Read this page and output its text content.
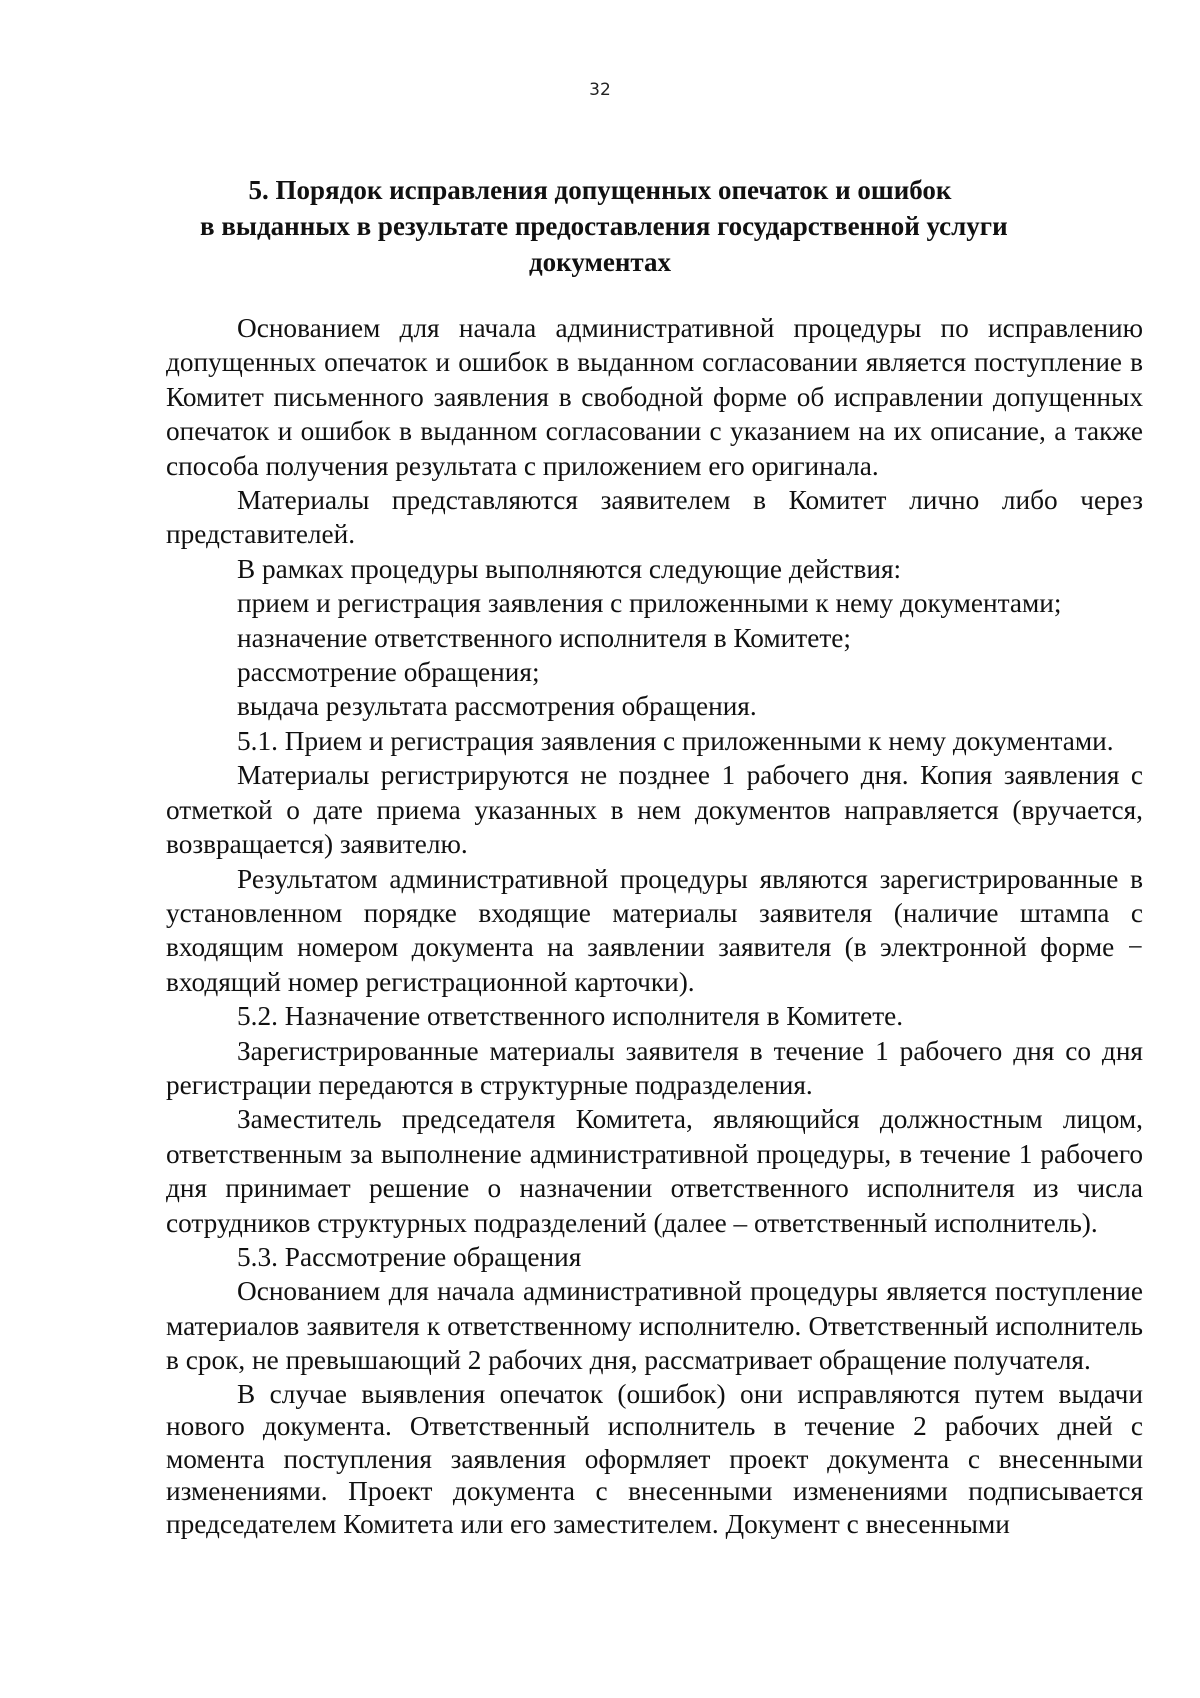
32
5. Порядок исправления допущенных опечаток и ошибок
в выданных в результате предоставления государственной услуги
документах

Основанием для начала административной процедуры по исправлению допущенных опечаток и ошибок в выданном согласовании является поступление в Комитет письменного заявления в свободной форме об исправлении допущенных опечаток и ошибок в выданном согласовании с указанием на их описание, а также способа получения результата с приложением его оригинала.

Материалы представляются заявителем в Комитет лично либо через представителей.

В рамках процедуры выполняются следующие действия:

прием и регистрация заявления с приложенными к нему документами;

назначение ответственного исполнителя в Комитете;

рассмотрение обращения;

выдача результата рассмотрения обращения.

5.1. Прием и регистрация заявления с приложенными к нему документами.

Материалы регистрируются не позднее 1 рабочего дня. Копия заявления с отметкой о дате приема указанных в нем документов направляется (вручается, возвращается) заявителю.

Результатом административной процедуры являются зарегистрированные в установленном порядке входящие материалы заявителя (наличие штампа с входящим номером документа на заявлении заявителя (в электронной форме − входящий номер регистрационной карточки).

5.2. Назначение ответственного исполнителя в Комитете.

Зарегистрированные материалы заявителя в течение 1 рабочего дня со дня регистрации передаются в структурные подразделения.

Заместитель председателя Комитета, являющийся должностным лицом, ответственным за выполнение административной процедуры, в течение 1 рабочего дня принимает решение о назначении ответственного исполнителя из числа сотрудников структурных подразделений (далее – ответственный исполнитель).

5.3. Рассмотрение обращения

Основанием для начала административной процедуры является поступление материалов заявителя к ответственному исполнителю. Ответственный исполнитель в срок, не превышающий 2 рабочих дня, рассматривает обращение получателя.

В случае выявления опечаток (ошибок) они исправляются путем выдачи нового документа. Ответственный исполнитель в течение 2 рабочих дней с момента поступления заявления оформляет проект документа с внесенными изменениями. Проект документа с внесенными изменениями подписывается председателем Комитета или его заместителем. Документ с внесенными
